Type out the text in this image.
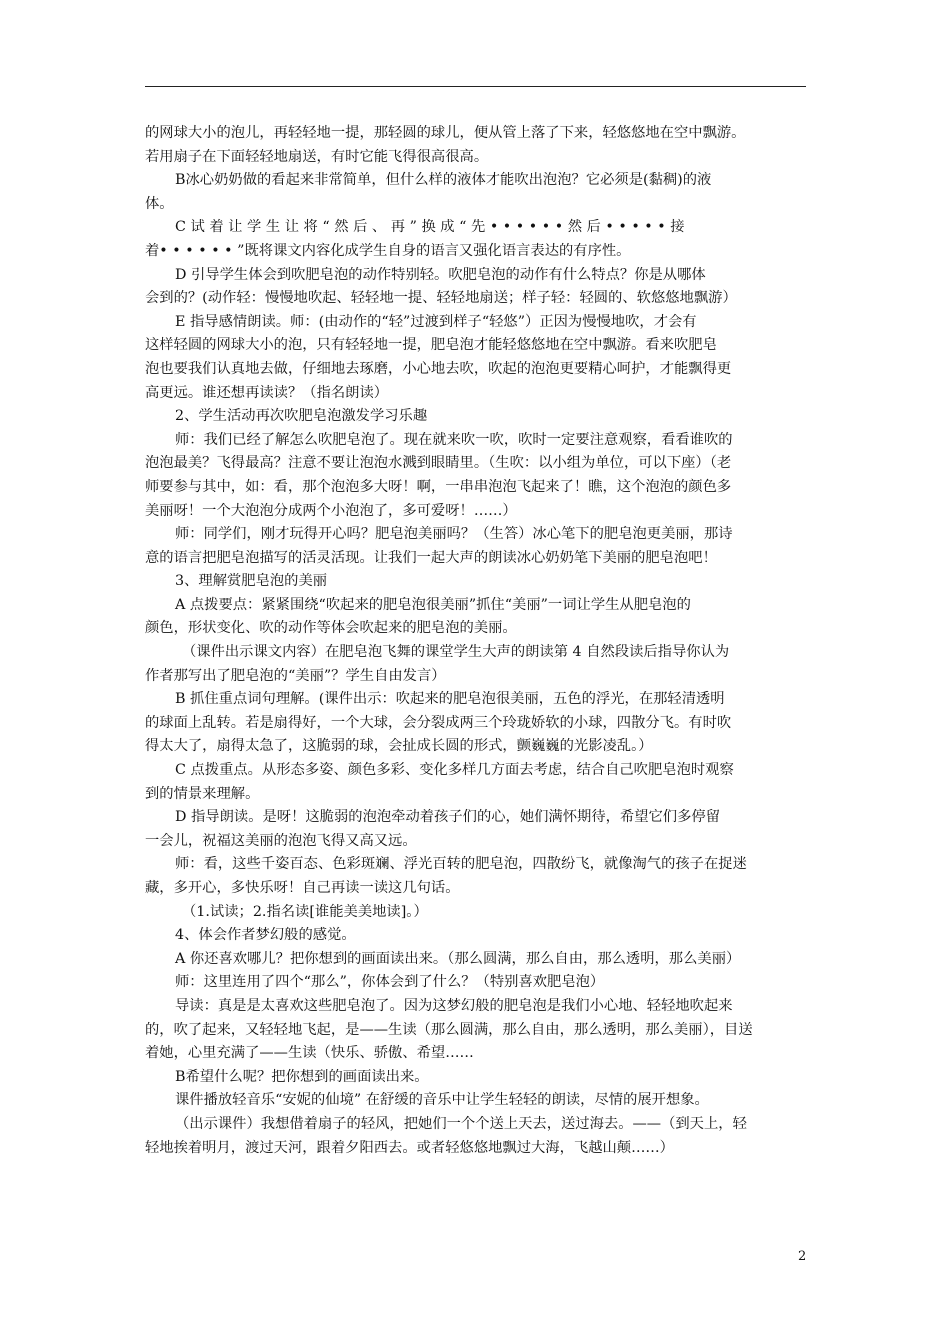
的网球大小的泡儿，再轻轻地一提，那轻圆的球儿，便从管上落了下来，轻悠悠地在空中飘游。

若用扇子在下面轻轻地扇送，有时它能飞得很高很高。

B冰心奶奶做的看起来非常简单，但什么样的液体才能吹出泡泡？它必须是(黏稠)的液

体。

C 试 着 让 学 生 让 将 “ 然 后 、 再 ” 换 成 “ 先 • • • • • • 然 后 • • • • • 接

着• • • • • • ”既将课文内容化成学生自身的语言又强化语言表达的有序性。

D 引导学生体会到吹肥皂泡的动作特别轻。吹肥皂泡的动作有什么特点？你是从哪体

会到的？(动作轻：慢慢地吹起、轻轻地一提、轻轻地扇送；样子轻：轻圆的、软悠悠地飘游）

E 指导感情朗读。师：(由动作的“轻”过渡到样子“轻悠”）正因为慢慢地吹，才会有

这样轻圆的网球大小的泡，只有轻轻地一提，肥皂泡才能轻悠悠地在空中飘游。看来吹肥皂

泡也要我们认真地去做，仔细地去琢磨，小心地去吹，吹起的泡泡更要精心呵护，才能飘得更

高更远。谁还想再读读？（指名朗读）

2、学生活动再次吹肥皂泡激发学习乐趣

师：我们已经了解怎么吹肥皂泡了。现在就来吹一吹，吹时一定要注意观察，看看谁吹的

泡泡最美？飞得最高？注意不要让泡泡水溅到眼睛里。（生吹：以小组为单位，可以下座）（老

师要参与其中，如：看，那个泡泡多大呀！啊，一串串泡泡飞起来了！瞧，这个泡泡的颜色多

美丽呀！一个大泡泡分成两个小泡泡了，多可爱呀！……）

师：同学们，刚才玩得开心吗？肥皂泡美丽吗？（生答）冰心笔下的肥皂泡更美丽，那诗

意的语言把肥皂泡描写的活灵活现。让我们一起大声的朗读冰心奶奶笔下美丽的肥皂泡吧！

3、理解赏肥皂泡的美丽

A 点拨要点：紧紧围绕“吹起来的肥皂泡很美丽”抓住“美丽”一词让学生从肥皂泡的

颜色，形状变化、吹的动作等体会吹起来的肥皂泡的美丽。

（课件出示课文内容）在肥皂泡飞舞的课堂学生大声的朗读第 4 自然段读后指导你认为

作者那写出了肥皂泡的“美丽”？学生自由发言）

B 抓住重点词句理解。(课件出示：吹起来的肥皂泡很美丽，五色的浮光，在那轻清透明

的球面上乱转。若是扇得好，一个大球，会分裂成两三个玲珑娇软的小球，四散分飞。有时吹

得太大了，扇得太急了，这脆弱的球，会扯成长圆的形式，颤巍巍的光影凌乱。）

C 点拨重点。从形态多姿、颜色多彩、变化多样几方面去考虑，结合自己吹肥皂泡时观察

到的情景来理解。

D 指导朗读。是呀！这脆弱的泡泡牵动着孩子们的心，她们满怀期待，希望它们多停留

一会儿，祝福这美丽的泡泡飞得又高又远。

师：看，这些千姿百态、色彩斑斓、浮光百转的肥皂泡，四散纷飞，就像淘气的孩子在捉迷

藏，多开心，多快乐呀！自己再读一读这几句话。

（1.试读；2.指名读[谁能美美地读]。）

4、体会作者梦幻般的感觉。

A 你还喜欢哪儿？把你想到的画面读出来。（那么圆满，那么自由，那么透明，那么美丽）

师：这里连用了四个“那么”，你体会到了什么？（特别喜欢肥皂泡）

导读：真是是太喜欢这些肥皂泡了。因为这梦幻般的肥皂泡是我们小心地、轻轻地吹起来

的，吹了起来，又轻轻地飞起，是——生读（那么圆满，那么自由，那么透明，那么美丽），目送

着她，心里充满了——生读（快乐、骄傲、希望……

B希望什么呢？把你想到的画面读出来。

课件播放轻音乐“安妮的仙境” 在舒缓的音乐中让学生轻轻的朗读，尽情的展开想象。

（出示课件）我想借着扇子的轻风，把她们一个个送上天去，送过海去。——（到天上，轻

轻地挨着明月，渡过天河，跟着夕阳西去。或者轻悠悠地飘过大海，飞越山颠……）

2
